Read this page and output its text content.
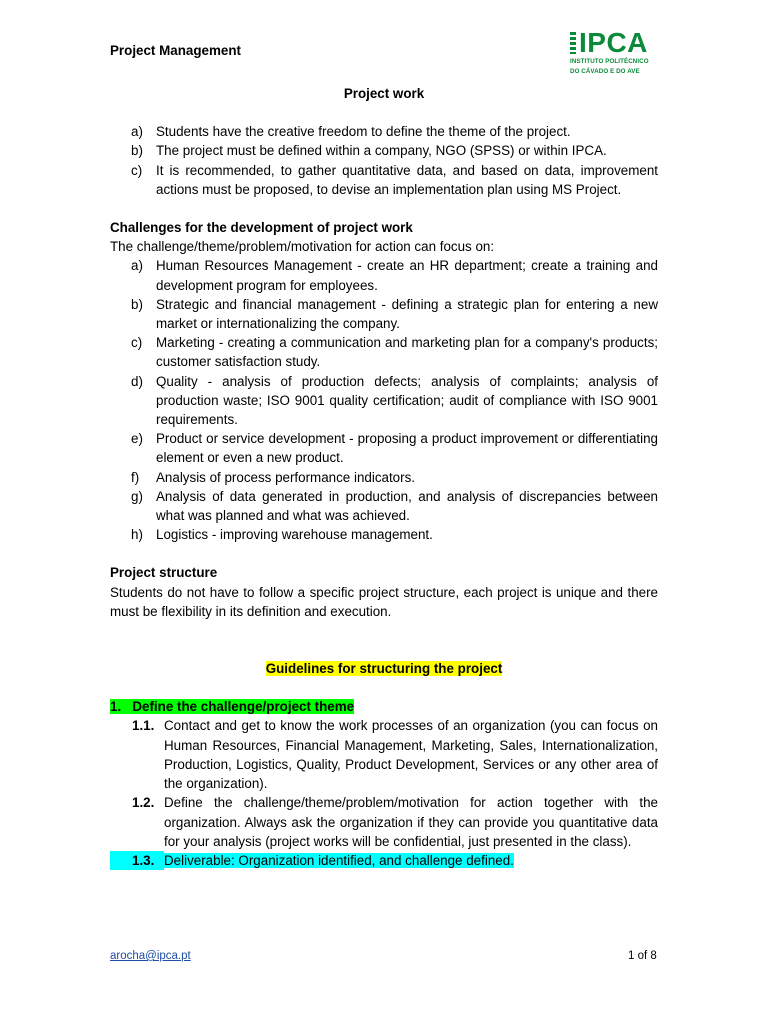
Project Management	IPCA
INSTITUTO POLITÉCNICO
DO CÁVADO E DO AVE
Project work
a) Students have the creative freedom to define the theme of the project.
b) The project must be defined within a company, NGO (SPSS) or within IPCA.
c)	It is recommended, to gather quantitative data, and based on data, improvement actions must be proposed, to devise an implementation plan using MS Project.
Challenges for the development of project work
The challenge/theme/problem/motivation for action can focus on:
a) Human Resources Management - create an HR department; create a training and development program for employees.
b) Strategic and financial management - defining a strategic plan for entering a new market or internationalizing the company.
c)	Marketing - creating a communication and marketing plan for a company's products; customer satisfaction study.
d) Quality - analysis of production defects; analysis of complaints; analysis of production waste; ISO 9001 quality certification; audit of compliance with ISO 9001 requirements.
e) Product or service development - proposing a product improvement or differentiating element or even a new product.
f)	Analysis of process performance indicators.
g) Analysis of data generated in production, and analysis of discrepancies between what was planned and what was achieved.
h) Logistics - improving warehouse management.
Project structure
Students do not have to follow a specific project structure, each project is unique and there must be flexibility in its definition and execution.
Guidelines for structuring the project
1. Define the challenge/project theme
1.1. Contact and get to know the work processes of an organization (you can focus on Human Resources, Financial Management, Marketing, Sales, Internationalization, Production, Logistics, Quality, Product Development, Services or any other area of the organization).
1.2. Define the challenge/theme/problem/motivation for action together with the organization. Always ask the organization if they can provide you quantitative data for your analysis (project works will be confidential, just presented in the class).
1.3. Deliverable: Organization identified, and challenge defined.
arocha@ipca.pt	1 of 8
